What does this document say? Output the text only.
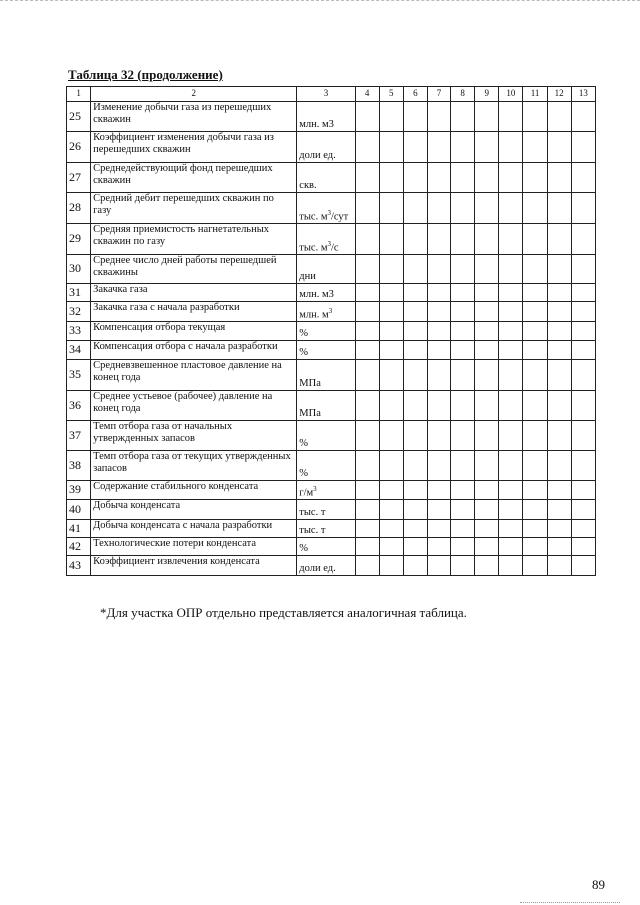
Таблица 32 (продолжение)
1	2	3	4	5	6	7	8	9	10	11	12	13
25	Изменение добычи газа из перешедших скважин	млн. м3										
26	Коэффициент изменения добычи газа из перешедших скважин	доли ед.										
27	Среднедействующий фонд перешедших скважин	скв.										
28	Средний дебит перешедших скважин по газу	тыс. $м^3$/сут										
29	Средняя приемистость нагнетательных скважин по газу	тыс. $м^3/с$										
30	Среднее число дней работы перешедшей скважины	дни										
31	Закачка газа	млн. м3										
32	Закачка газа с начала разработки	млн. $м^3$										
33	Компенсация отбора текущая	%										
34	Компенсация отбора с начала разработки	%										
35	Средневзвешенное пластовое давление на конец года	МПа										
36	Среднее устьевое (рабочее) давление на конец года	МПа										
37	Темп отбора газа от начальных утвержденных запасов	%										
38	Темп отбора газа от текущих утвержденных запасов	%										
39	Содержание стабильного конденсата	$г/м^3$										
40	Добыча конденсата	тыс. т										
41	Добыча конденсата с начала разработки	тыс. т										
42	Технологические потери конденсата	%										
43	Коэффициент извлечения конденсата	доли ед.										
*Для участка ОПР отдельно представляется аналогичная таблица.
89
